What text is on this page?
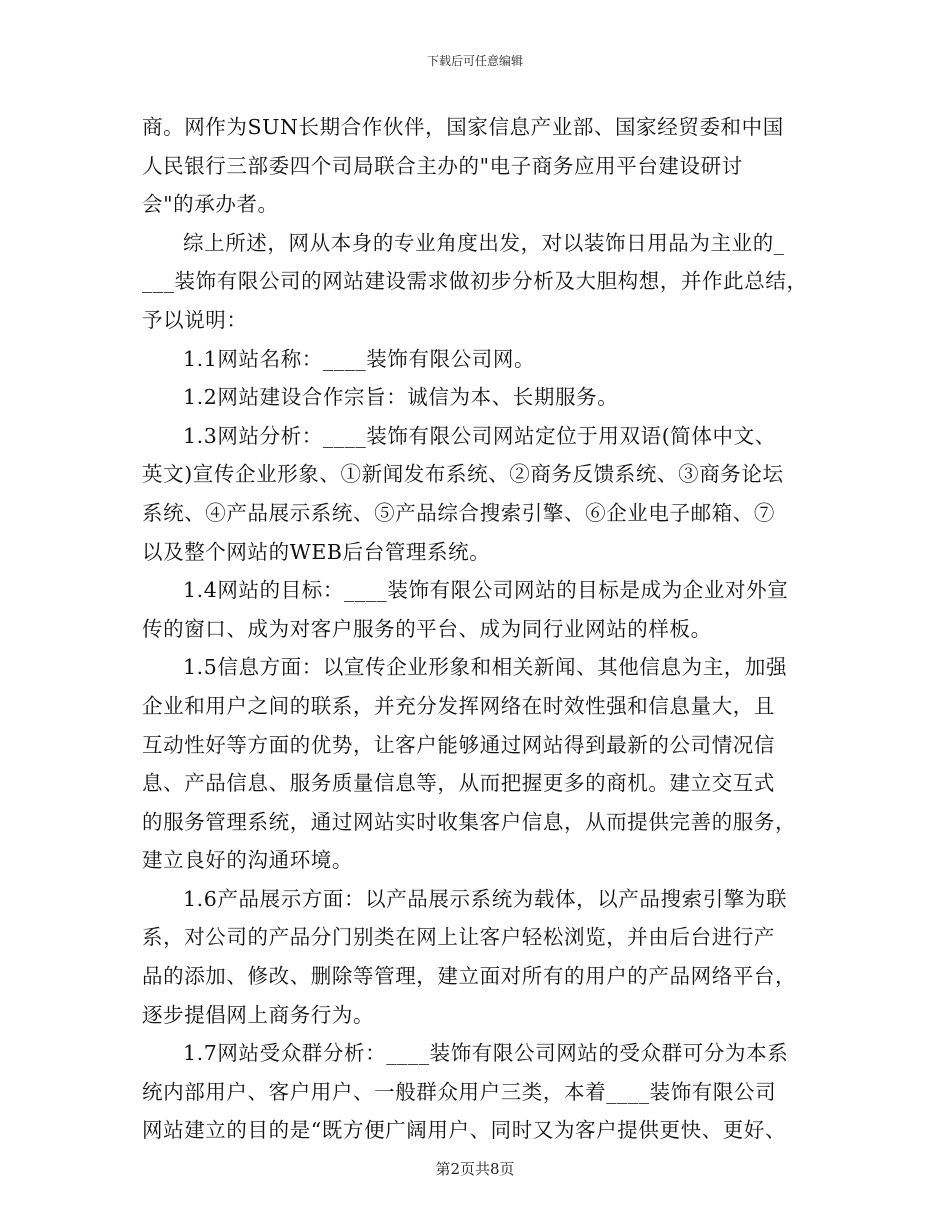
下载后可任意编辑
商。网作为SUN长期合作伙伴，国家信息产业部、国家经贸委和中国
人民银行三部委四个司局联合主办的"电子商务应用平台建设研讨
会"的承办者。
综上所述，网从本身的专业角度出发，对以装饰日用品为主业的_
___装饰有限公司的网站建设需求做初步分析及大胆构想，并作此总结，
予以说明：
1.1网站名称：____装饰有限公司网。
1.2网站建设合作宗旨：诚信为本、长期服务。
1.3网站分析：____装饰有限公司网站定位于用双语(简体中文、
英文)宣传企业形象、①新闻发布系统、②商务反馈系统、③商务论坛
系统、④产品展示系统、⑤产品综合搜索引擎、⑥企业电子邮箱、⑦
以及整个网站的WEB后台管理系统。
1.4网站的目标：____装饰有限公司网站的目标是成为企业对外宣
传的窗口、成为对客户服务的平台、成为同行业网站的样板。
1.5信息方面：以宣传企业形象和相关新闻、其他信息为主，加强
企业和用户之间的联系，并充分发挥网络在时效性强和信息量大，且
互动性好等方面的优势，让客户能够通过网站得到最新的公司情况信
息、产品信息、服务质量信息等，从而把握更多的商机。建立交互式
的服务管理系统，通过网站实时收集客户信息，从而提供完善的服务，
建立良好的沟通环境。
1.6产品展示方面：以产品展示系统为载体，以产品搜索引擎为联
系，对公司的产品分门别类在网上让客户轻松浏览，并由后台进行产
品的添加、修改、删除等管理，建立面对所有的用户的产品网络平台，
逐步提倡网上商务行为。
1.7网站受众群分析：____装饰有限公司网站的受众群可分为本系
统内部用户、客户用户、一般群众用户三类，本着____装饰有限公司
网站建立的目的是“既方便广阔用户、同时又为客户提供更快、更好、
第2页共8页
